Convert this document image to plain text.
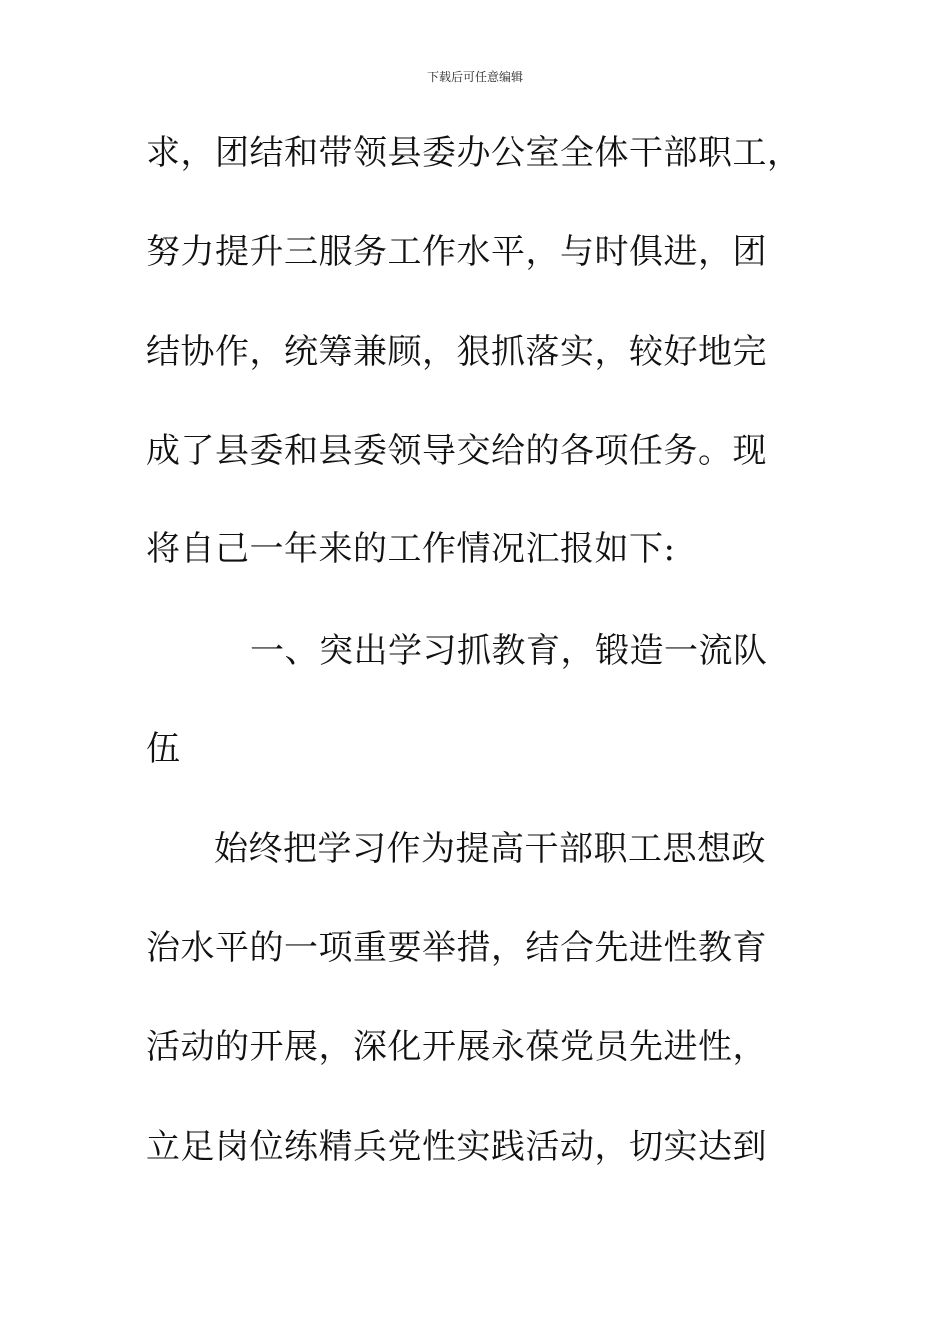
下载后可任意编辑
求，团结和带领县委办公室全体干部职工，
努力提升三服务工作水平，与时俱进，团
结协作，统筹兼顾，狠抓落实，较好地完
成了县委和县委领导交给的各项任务。现
将自己一年来的工作情况汇报如下:
一、突出学习抓教育，锻造一流队
伍
始终把学习作为提高干部职工思想政
治水平的一项重要举措，结合先进性教育
活动的开展，深化开展永葆党员先进性，
立足岗位练精兵党性实践活动，切实达到
